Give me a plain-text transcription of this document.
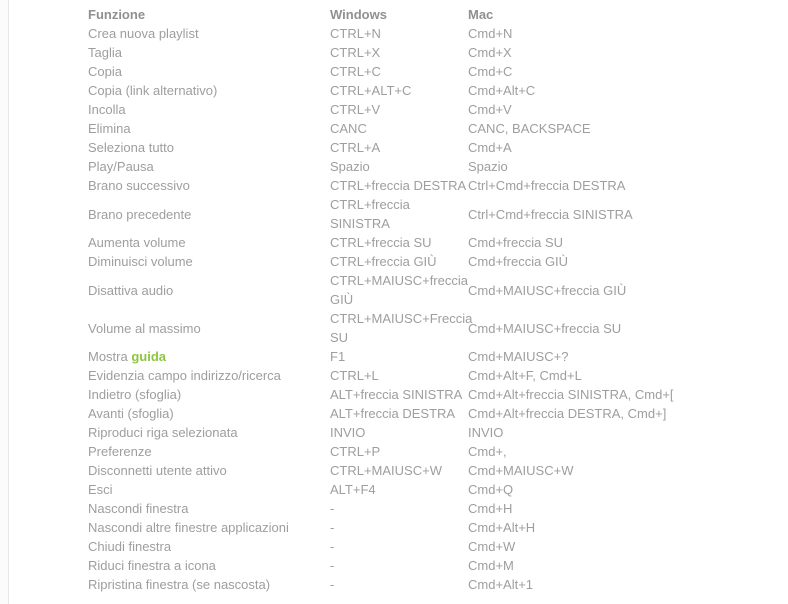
Funzione	Windows	Mac
Crea nuova playlist	CTRL+N	Cmd+N
Taglia	CTRL+X	Cmd+X
Copia	CTRL+C	Cmd+C
Copia (link alternativo)	CTRL+ALT+C	Cmd+Alt+C
Incolla	CTRL+V	Cmd+V
Elimina	CANC	CANC, BACKSPACE
Seleziona tutto	CTRL+A	Cmd+A
Play/Pausa	Spazio	Spazio
Brano successivo	CTRL+freccia DESTRA	Ctrl+Cmd+freccia DESTRA
Brano precedente	CTRL+freccia SINISTRA	Ctrl+Cmd+freccia SINISTRA
Aumenta volume	CTRL+freccia SU	Cmd+freccia SU
Diminuisci volume	CTRL+freccia GIÙ	Cmd+freccia GIÙ
Disattiva audio	CTRL+MAIUSC+freccia GIÙ	Cmd+MAIUSC+freccia GIÙ
Volume al massimo	CTRL+MAIUSC+Freccia SU	Cmd+MAIUSC+freccia SU
Mostra guida	F1	Cmd+MAIUSC+?
Evidenzia campo indirizzo/ricerca	CTRL+L	Cmd+Alt+F, Cmd+L
Indietro (sfoglia)	ALT+freccia SINISTRA	Cmd+Alt+freccia SINISTRA, Cmd+[
Avanti (sfoglia)	ALT+freccia DESTRA	Cmd+Alt+freccia DESTRA, Cmd+]
Riproduci riga selezionata	INVIO	INVIO
Preferenze	CTRL+P	Cmd+,
Disconnetti utente attivo	CTRL+MAIUSC+W	Cmd+MAIUSC+W
Esci	ALT+F4	Cmd+Q
Nascondi finestra	-	Cmd+H
Nascondi altre finestre applicazioni	-	Cmd+Alt+H
Chiudi finestra	-	Cmd+W
Riduci finestra a icona	-	Cmd+M
Ripristina finestra (se nascosta)	-	Cmd+Alt+1
